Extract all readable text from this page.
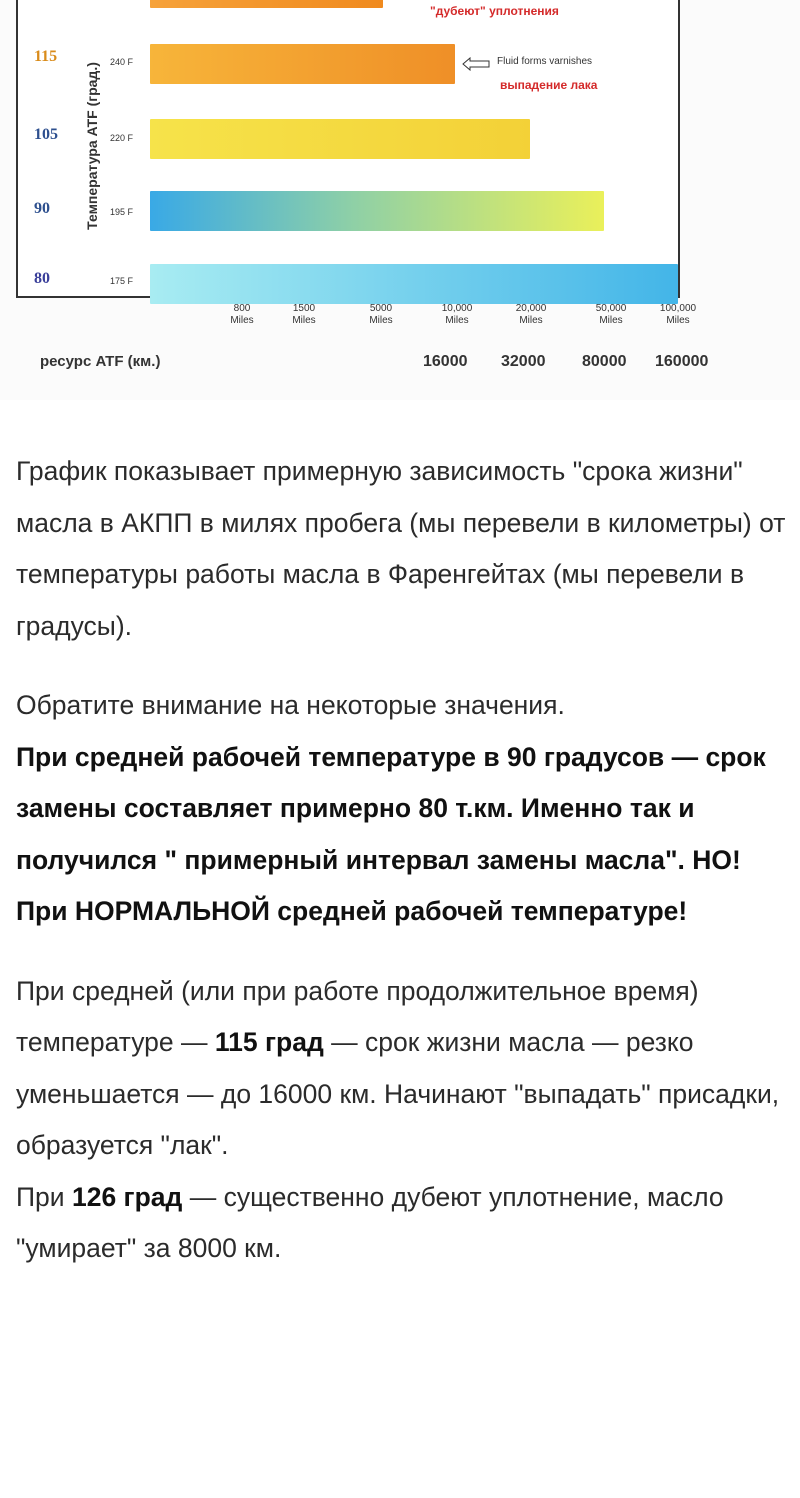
115
105
90
80
240 F
220 F
195 F
175 F
Температура ATF (град.)
"дубеют" уплотнения
Fluid forms varnishes
выпадение лака
800
Miles
1500
Miles
5000
Miles
10,000
Miles
20,000
Miles
50,000
Miles
100,000
Miles
ресурс ATF (км.)	16000 32000 80000 160000

График показывает примерную зависимость "срока жизни" масла в АКПП в милях пробега (мы перевели в километры) от температуры работы масла в Фаренгейтах (мы перевели в градусы).

Обратите внимание на некоторые значения.
При средней рабочей температуре в 90 градусов — срок замены составляет примерно 80 т.км. Именно так и получился " примерный интервал замены масла". НО! При НОРМАЛЬНОЙ средней рабочей температуре!

При средней (или при работе продолжительное время) температуре — 115 град — срок жизни масла — резко уменьшается — до 16000 км. Начинают "выпадать" присадки, образуется "лак".
При 126 град — существенно дубеют уплотнение, масло "умирает" за 8000 км.
